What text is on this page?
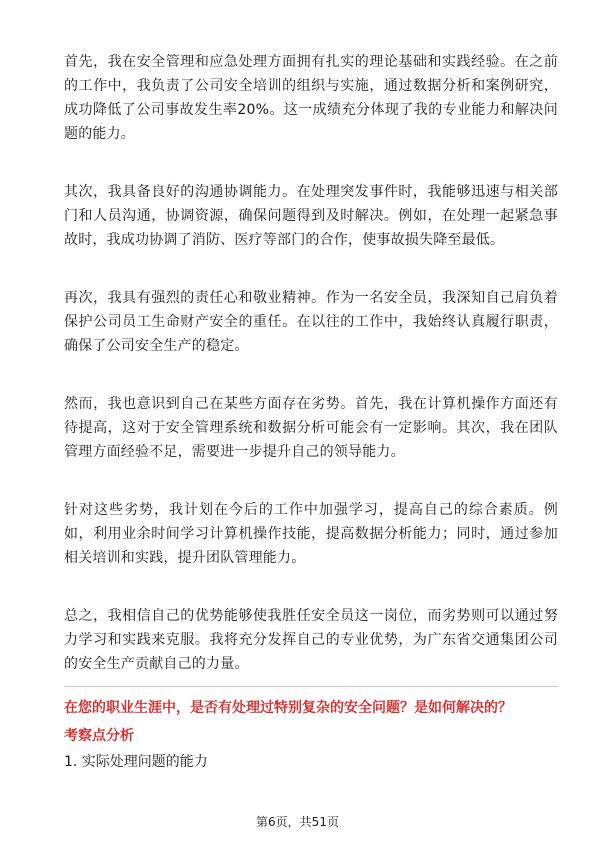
首先，我在安全管理和应急处理方面拥有扎实的理论基础和实践经验。在之前的工作中，我负责了公司安全培训的组织与实施，通过数据分析和案例研究，成功降低了公司事故发生率20%。这一成绩充分体现了我的专业能力和解决问题的能力。

其次，我具备良好的沟通协调能力。在处理突发事件时，我能够迅速与相关部门和人员沟通，协调资源，确保问题得到及时解决。例如，在处理一起紧急事故时，我成功协调了消防、医疗等部门的合作，使事故损失降至最低。

再次，我具有强烈的责任心和敬业精神。作为一名安全员，我深知自己肩负着保护公司员工生命财产安全的重任。在以往的工作中，我始终认真履行职责，确保了公司安全生产的稳定。

然而，我也意识到自己在某些方面存在劣势。首先，我在计算机操作方面还有待提高，这对于安全管理系统和数据分析可能会有一定影响。其次，我在团队管理方面经验不足，需要进一步提升自己的领导能力。

针对这些劣势，我计划在今后的工作中加强学习，提高自己的综合素质。例如，利用业余时间学习计算机操作技能，提高数据分析能力；同时，通过参加相关培训和实践，提升团队管理能力。

总之，我相信自己的优势能够使我胜任安全员这一岗位，而劣势则可以通过努力学习和实践来克服。我将充分发挥自己的专业优势，为广东省交通集团公司的安全生产贡献自己的力量。

在您的职业生涯中，是否有处理过特别复杂的安全问题？是如何解决的？

考察点分析

1. 实际处理问题的能力

第6页，共51页
